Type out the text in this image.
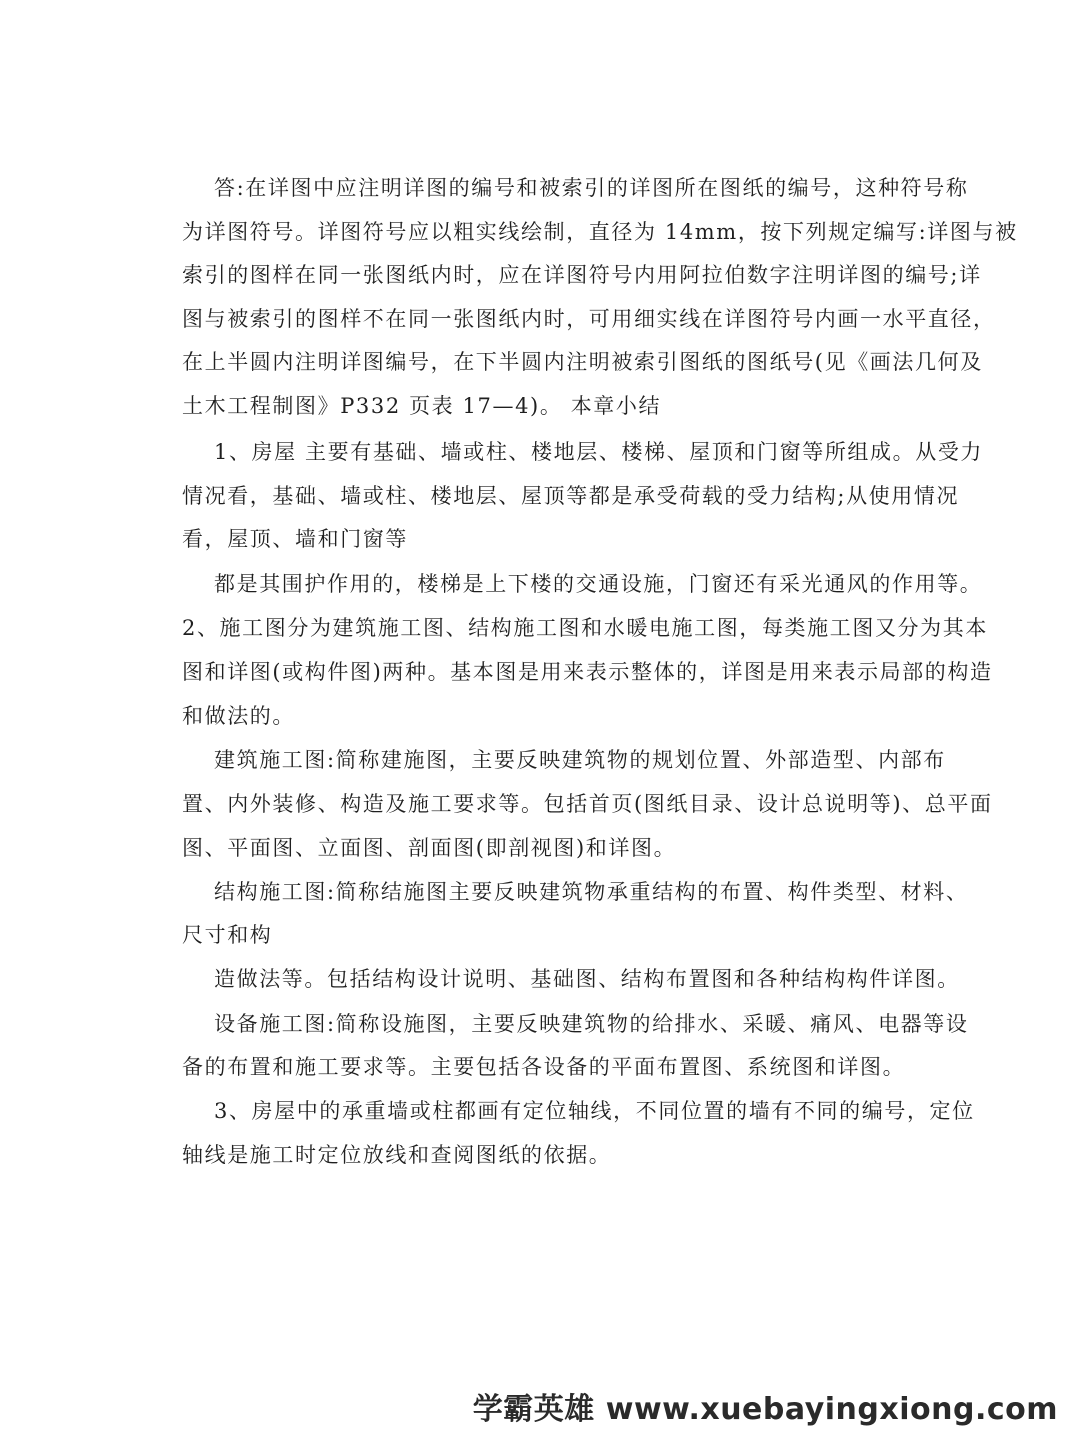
答:在详图中应注明详图的编号和被索引的详图所在图纸的编号，这种符号称
为详图符号。详图符号应以粗实线绘制，直径为 14mm，按下列规定编写:详图与被
索引的图样在同一张图纸内时，应在详图符号内用阿拉伯数字注明详图的编号;详
图与被索引的图样不在同一张图纸内时，可用细实线在详图符号内画一水平直径，
在上半圆内注明详图编号，在下半圆内注明被索引图纸的图纸号(见《画法几何及
土木工程制图》P332 页表 17—4)。 本章小结
1、房屋 主要有基础、墙或柱、楼地层、楼梯、屋顶和门窗等所组成。从受力
情况看，基础、墙或柱、楼地层、屋顶等都是承受荷载的受力结构;从使用情况
看，屋顶、墙和门窗等
都是其围护作用的，楼梯是上下楼的交通设施，门窗还有采光通风的作用等。
2、施工图分为建筑施工图、结构施工图和水暖电施工图，每类施工图又分为其本
图和详图(或构件图)两种。基本图是用来表示整体的，详图是用来表示局部的构造
和做法的。
建筑施工图:简称建施图，主要反映建筑物的规划位置、外部造型、内部布
置、内外装修、构造及施工要求等。包括首页(图纸目录、设计总说明等)、总平面
图、平面图、立面图、剖面图(即剖视图)和详图。
结构施工图:简称结施图主要反映建筑物承重结构的布置、构件类型、材料、
尺寸和构
造做法等。包括结构设计说明、基础图、结构布置图和各种结构构件详图。
设备施工图:简称设施图，主要反映建筑物的给排水、采暖、痛风、电器等设
备的布置和施工要求等。主要包括各设备的平面布置图、系统图和详图。
3、房屋中的承重墙或柱都画有定位轴线，不同位置的墙有不同的编号，定位
轴线是施工时定位放线和查阅图纸的依据。
学霸英雄 www.xuebayingxiong.com
